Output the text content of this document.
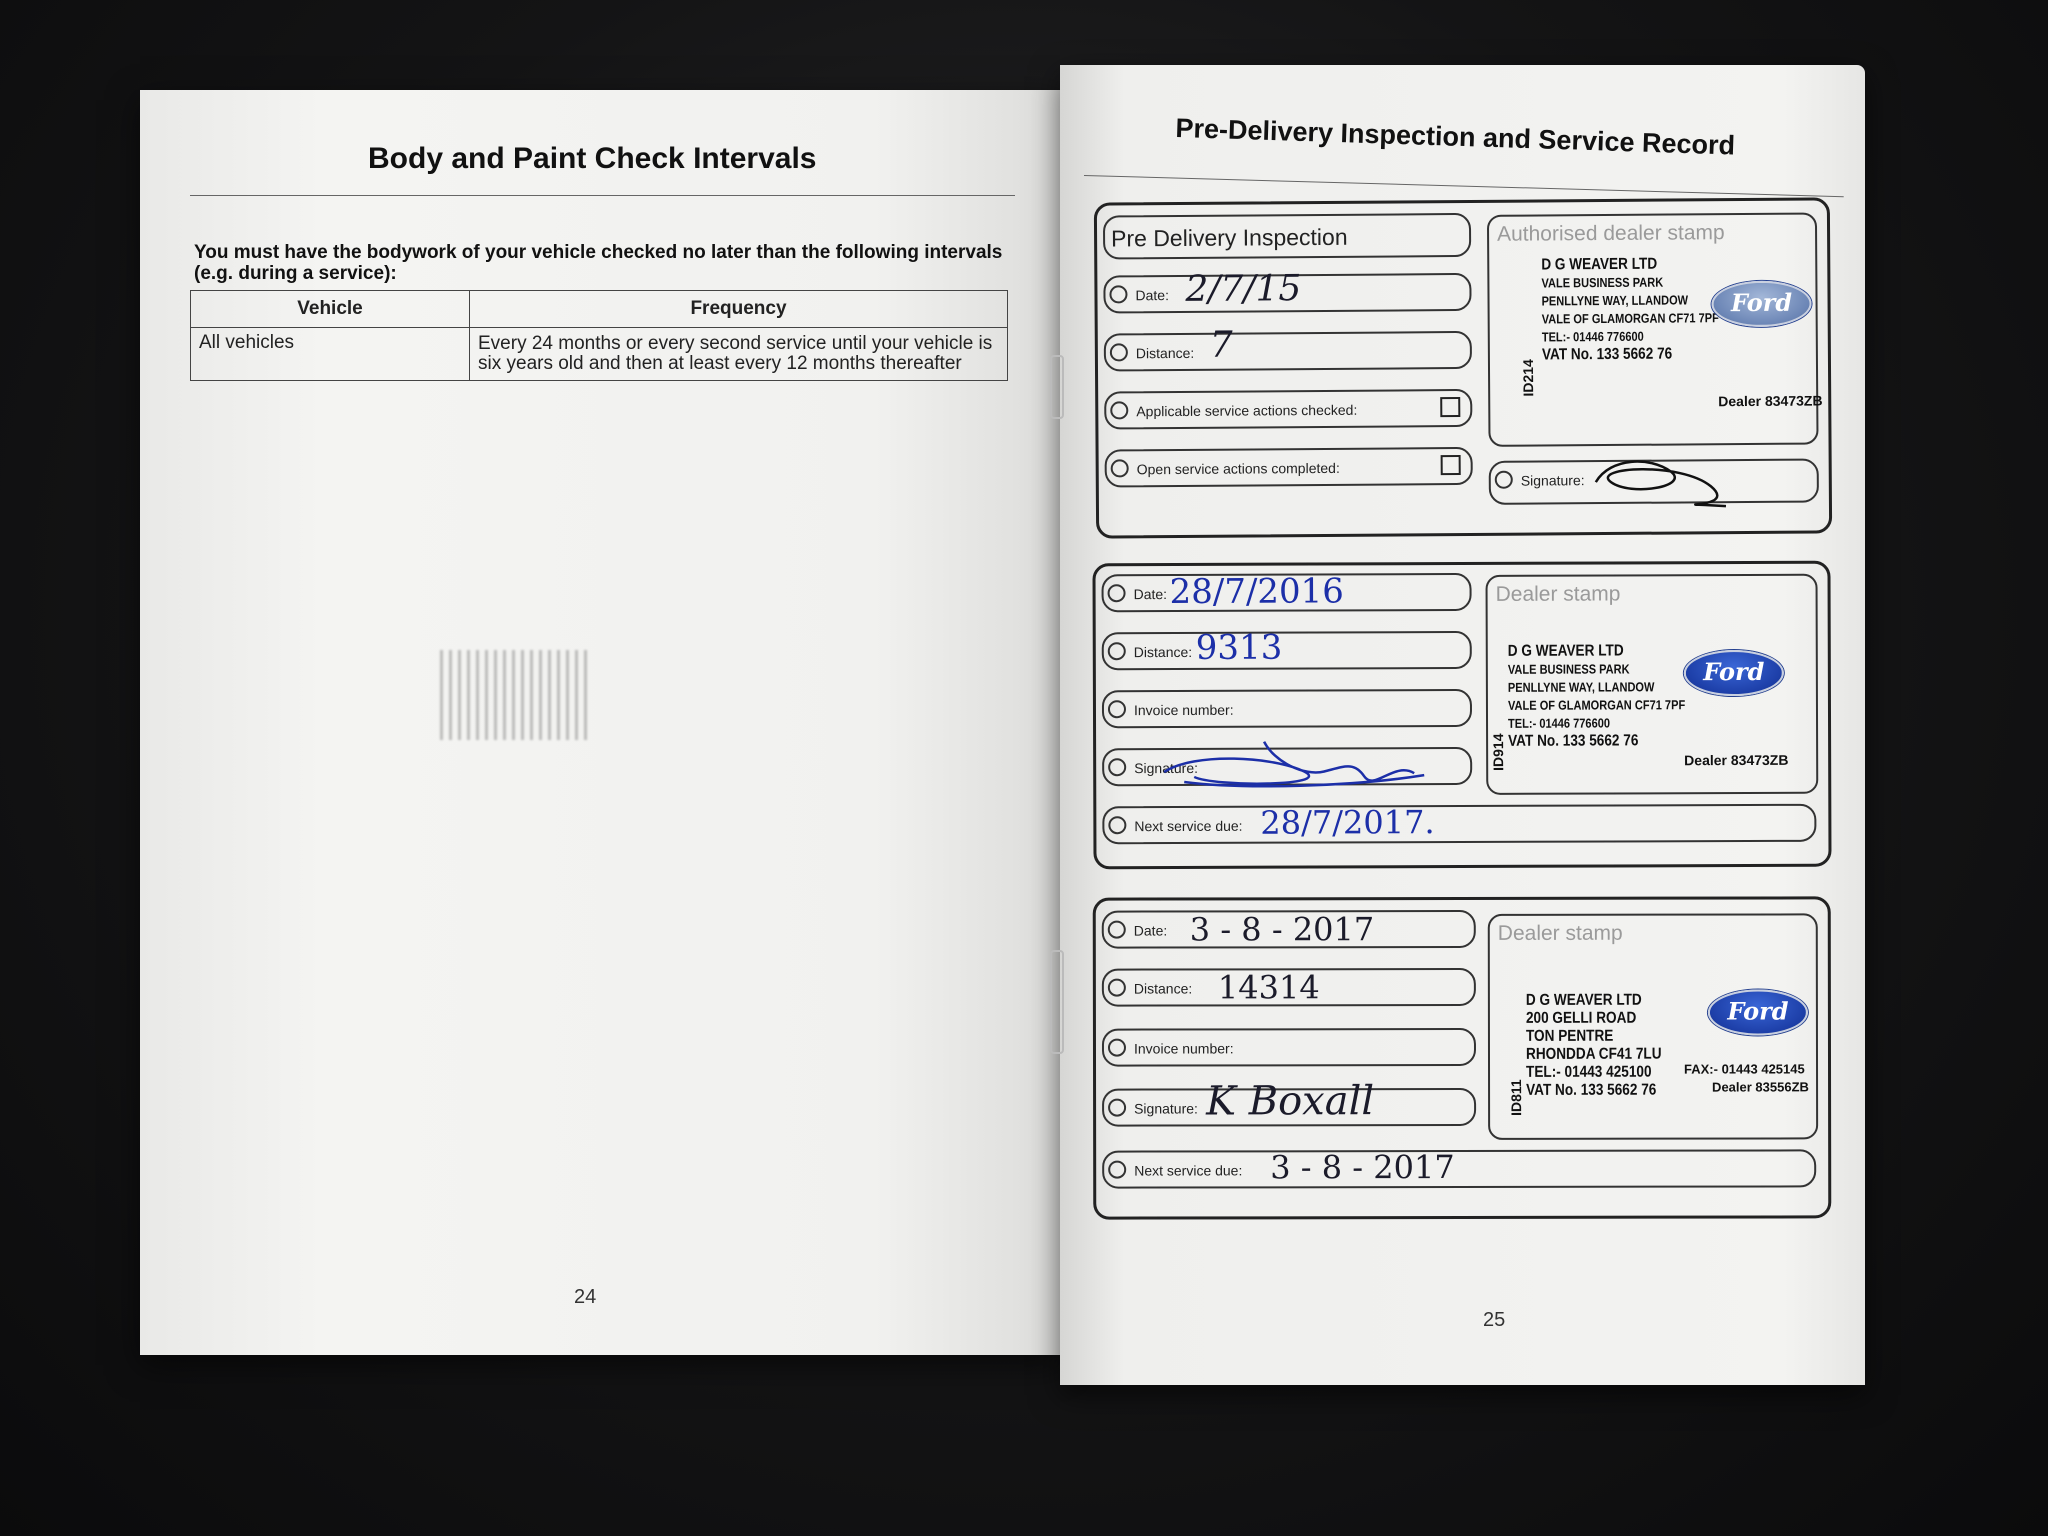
Body and Paint Check Intervals
You must have the bodywork of your vehicle checked no later than the following intervals (e.g. during a service):
Vehicle	Frequency
All vehicles	Every 24 months or every second service until your vehicle is six years old and then at least every 12 months thereafter
24
Pre-Delivery Inspection and Service Record
Pre Delivery Inspection
Date: 2/7/15
Distance: 7
Applicable service actions checked:
Open service actions completed:
Authorised dealer stamp
D G WEAVER LTD
VALE BUSINESS PARK
PENLLYNE WAY, LLANDOW
VALE OF GLAMORGAN CF71 7PF
TEL:- 01446 776600
VAT No. 133 5662 76
ID214
Ford
Dealer 83473ZB
Signature:
Date: 28/7/2016
Distance: 9313
Invoice number:
Signature:
Next service due: 28/7/2017.
Dealer stamp
D G WEAVER LTD
VALE BUSINESS PARK
PENLLYNE WAY, LLANDOW
VALE OF GLAMORGAN CF71 7PF
TEL:- 01446 776600
VAT No. 133 5662 76
ID914
Ford
Dealer 83473ZB
Date: 3 - 8 - 2017
Distance: 14314
Invoice number:
Signature: K Boxall
Next service due: 3 - 8 - 2017
Dealer stamp
D G WEAVER LTD
200 GELLI ROAD
TON PENTRE
RHONDDA CF41 7LU
TEL:- 01443 425100
VAT No. 133 5662 76
ID811
Ford
FAX:- 01443 425145
Dealer 83556ZB
25
